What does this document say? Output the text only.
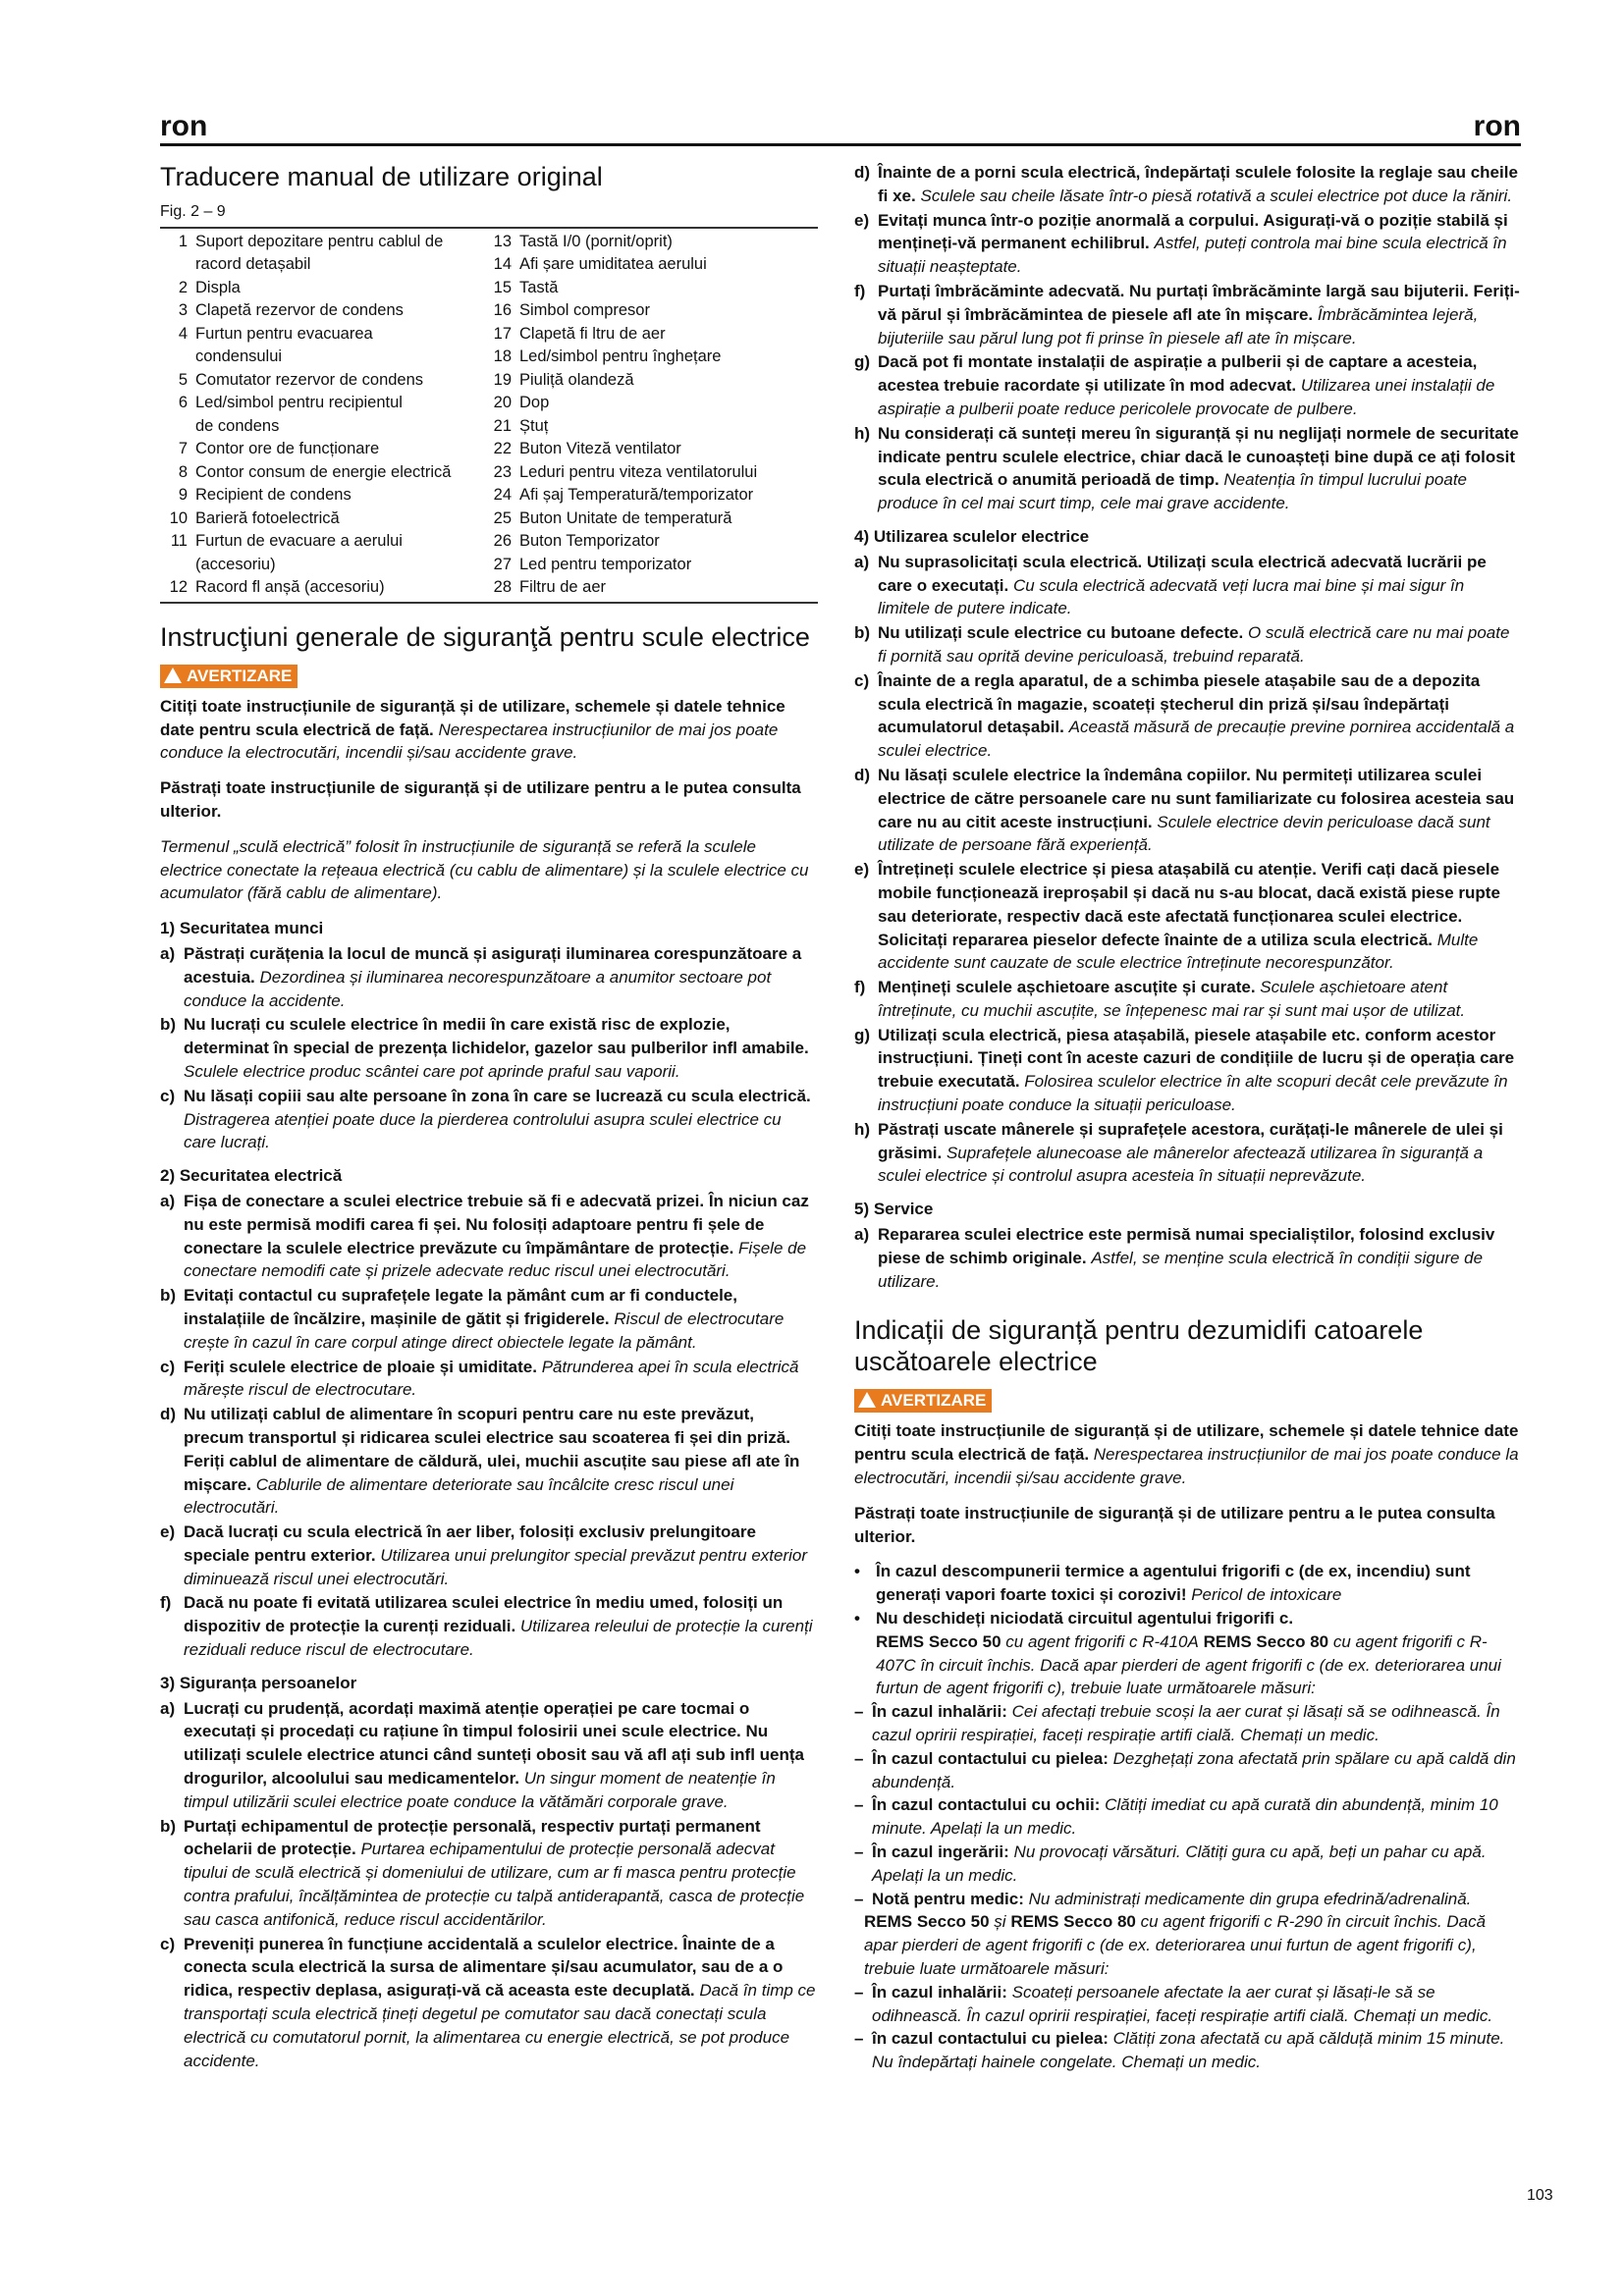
ron	ron
Traducere manual de utilizare original
Fig. 2 – 9
1 Suport depozitare pentru cablul de
racord detașabil
2 Displa
3 Clapetă rezervor de condens
4 Furtun pentru evacuarea
condensului
5 Comutator rezervor de condens
6 Led/simbol pentru recipientul
de condens
7 Contor ore de funcționare
8 Contor consum de energie electrică
9 Recipient de condens
10 Barieră fotoelectrică
11 Furtun de evacuare a aerului
(accesoriu)
12 Racord fl anșă (accesoriu)
13 Tastă I/0 (pornit/oprit)
14 Afi șare umiditatea aerului
15 Tastă
16 Simbol compresor
17 Clapetă fi ltru de aer
18 Led/simbol pentru înghețare
19 Piuliță olandeză
20 Dop
21 Ștuț
22 Buton Viteză ventilator
23 Leduri pentru viteza ventilatorului
24 Afi șaj Temperatură/temporizator
25 Buton Unitate de temperatură
26 Buton Temporizator
27 Led pentru temporizator
28 Filtru de aer
Instrucţiuni generale de siguranţă pentru scule electrice
AVERTIZARE

Citiți toate instrucțiunile de siguranță și de utilizare, schemele și datele tehnice date pentru scula electrică de față. Nerespectarea instrucțiunilor de mai jos poate conduce la electrocutări, incendii și/sau accidente grave.

Păstrați toate instrucțiunile de siguranță și de utilizare pentru a le putea consulta ulterior.

Termenul „sculă electrică” folosit în instrucțiunile de siguranță se referă la sculele electrice conectate la rețeaua electrică (cu cablu de alimentare) și la sculele electrice cu acumulator (fără cablu de alimentare).

1) Securitatea munci
a) Păstrați curățenia la locul de muncă și asigurați iluminarea corespunzătoare a acestuia. Dezordinea și iluminarea necorespunzătoare a anumitor sectoare pot conduce la accidente.
b) Nu lucrați cu sculele electrice în medii în care există risc de explozie, determinat în special de prezența lichidelor, gazelor sau pulberilor infl amabile. Sculele electrice produc scântei care pot aprinde praful sau vaporii.
c) Nu lăsați copiii sau alte persoane în zona în care se lucrează cu scula electrică. Distragerea atenției poate duce la pierderea controlului asupra sculei electrice cu care lucrați.
2) Securitatea electrică
a) Fișa de conectare a sculei electrice trebuie să fi e adecvată prizei. În niciun caz nu este permisă modifi carea fi șei. Nu folosiți adaptoare pentru fi șele de conectare la sculele electrice prevăzute cu împământare de protecție. Fișele de conectare nemodifi cate și prizele adecvate reduc riscul unei electrocutări.
b) Evitați contactul cu suprafețele legate la pământ cum ar fi conductele, instalațiile de încălzire, mașinile de gătit și frigiderele. Riscul de electrocutare crește în cazul în care corpul atinge direct obiectele legate la pământ.
c) Feriți sculele electrice de ploaie și umiditate. Pătrunderea apei în scula electrică mărește riscul de electrocutare.
d) Nu utilizați cablul de alimentare în scopuri pentru care nu este prevăzut, precum transportul și ridicarea sculei electrice sau scoaterea fi șei din priză. Feriți cablul de alimentare de căldură, ulei, muchii ascuțite sau piese afl ate în mișcare. Cablurile de alimentare deteriorate sau încâlcite cresc riscul unei electrocutări.
e) Dacă lucrați cu scula electrică în aer liber, folosiți exclusiv prelungitoare speciale pentru exterior. Utilizarea unui prelungitor special prevăzut pentru exterior diminuează riscul unei electrocutări.
f) Dacă nu poate fi evitată utilizarea sculei electrice în mediu umed, folosiți un dispozitiv de protecție la curenți reziduali. Utilizarea releului de protecție la curenți reziduali reduce riscul de electrocutare.
3) Siguranța persoanelor
a) Lucrați cu prudență, acordați maximă atenție operației pe care tocmai o executați și procedați cu rațiune în timpul folosirii unei scule electrice. Nu utilizați sculele electrice atunci când sunteți obosit sau vă afl ați sub infl uența drogurilor, alcoolului sau medicamentelor. Un singur moment de neatenție în timpul utilizării sculei electrice poate conduce la vătămări corporale grave.
b) Purtați echipamentul de protecție personală, respectiv purtați permanent ochelarii de protecție. Purtarea echipamentului de protecție personală adecvat tipului de sculă electrică și domeniului de utilizare, cum ar fi masca pentru protecție contra prafului, încălțămintea de protecție cu talpă antiderapantă, casca de protecție sau casca antifonică, reduce riscul accidentărilor.
c) Preveniți punerea în funcțiune accidentală a sculelor electrice. Înainte de a conecta scula electrică la sursa de alimentare și/sau acumulator, sau de a o ridica, respectiv deplasa, asigurați-vă că aceasta este decuplată. Dacă în timp ce transportați scula electrică țineți degetul pe comutator sau dacă conectați scula electrică cu comutatorul pornit, la alimentarea cu energie electrică, se pot produce accidente.
d) Înainte de a porni scula electrică, îndepărtați sculele folosite la reglaje sau cheile fi xe. Sculele sau cheile lăsate într-o piesă rotativă a sculei electrice pot duce la răniri.
e) Evitați munca într-o poziție anormală a corpului. Asigurați-vă o poziție stabilă și mențineți-vă permanent echilibrul. Astfel, puteți controla mai bine scula electrică în situații neașteptate.
f) Purtați îmbrăcăminte adecvată. Nu purtați îmbrăcăminte largă sau bijuterii. Feriți-vă părul și îmbrăcămintea de piesele afl ate în mișcare. Îmbrăcămintea lejeră, bijuteriile sau părul lung pot fi prinse în piesele afl ate în mișcare.
g) Dacă pot fi montate instalații de aspirație a pulberii și de captare a acesteia, acestea trebuie racordate și utilizate în mod adecvat. Utilizarea unei instalații de aspirație a pulberii poate reduce pericolele provocate de pulbere.
h) Nu considerați că sunteți mereu în siguranță și nu neglijați normele de securitate indicate pentru sculele electrice, chiar dacă le cunoașteți bine după ce ați folosit scula electrică o anumită perioadă de timp. Neatenția în timpul lucrului poate produce în cel mai scurt timp, cele mai grave accidente.
4) Utilizarea sculelor electrice
a) Nu suprasolicitați scula electrică. Utilizați scula electrică adecvată lucrării pe care o executați. Cu scula electrică adecvată veți lucra mai bine și mai sigur în limitele de putere indicate.
b) Nu utilizați scule electrice cu butoane defecte. O sculă electrică care nu mai poate fi pornită sau oprită devine periculoasă, trebuind reparată.
c) Înainte de a regla aparatul, de a schimba piesele atașabile sau de a depozita scula electrică în magazie, scoateți ștecherul din priză și/sau îndepărtați acumulatorul detașabil. Această măsură de precauție previne pornirea accidentală a sculei electrice.
d) Nu lăsați sculele electrice la îndemâna copiilor. Nu permiteți utilizarea sculei electrice de către persoanele care nu sunt familiarizate cu folosirea acesteia sau care nu au citit aceste instrucțiuni. Sculele electrice devin periculoase dacă sunt utilizate de persoane fără experiență.
e) Întrețineți sculele electrice și piesa atașabilă cu atenție. Verifi cați dacă piesele mobile funcționează ireproșabil și dacă nu s-au blocat, dacă există piese rupte sau deteriorate, respectiv dacă este afectată funcționarea sculei electrice. Solicitați repararea pieselor defecte înainte de a utiliza scula electrică. Multe accidente sunt cauzate de scule electrice întreținute necorespunzător.
f) Mențineți sculele așchietoare ascuțite și curate. Sculele așchietoare atent întreținute, cu muchii ascuțite, se înțepenesc mai rar și sunt mai ușor de utilizat.
g) Utilizați scula electrică, piesa atașabilă, piesele atașabile etc. conform acestor instrucțiuni. Țineți cont în aceste cazuri de condițiile de lucru și de operația care trebuie executată. Folosirea sculelor electrice în alte scopuri decât cele prevăzute în instrucțiuni poate conduce la situații periculoase.
h) Păstrați uscate mânerele și suprafețele acestora, curățați-le mânerele de ulei și grăsimi. Suprafețele alunecoase ale mânerelor afectează utilizarea în siguranță a sculei electrice și controlul asupra acesteia în situații neprevăzute.
5) Service
a) Repararea sculei electrice este permisă numai specialiștilor, folosind exclusiv piese de schimb originale. Astfel, se menține scula electrică în condiții sigure de utilizare.
Indicații de siguranță pentru dezumidifi catoarele
uscătoarele electrice
AVERTIZARE

Citiți toate instrucțiunile de siguranță și de utilizare, schemele și datele tehnice date pentru scula electrică de față. Nerespectarea instrucțiunilor de mai jos poate conduce la electrocutări, incendii și/sau accidente grave.

Păstrați toate instrucțiunile de siguranță și de utilizare pentru a le putea consulta ulterior.

• În cazul descompunerii termice a agentului frigorifi c (de ex, incendiu) sunt generați vapori foarte toxici și corozivi! Pericol de intoxicare
• Nu deschideți niciodată circuitul agentului frigorifi c.
REMS Secco 50 cu agent frigorifi c R-410A REMS Secco 80 cu agent frigorifi c R-407C în circuit închis. Dacă apar pierderi de agent frigorifi c (de ex. deteriorarea unui furtun de agent frigorifi c), trebuie luate următoarele măsuri:
– În cazul inhalării: Cei afectați trebuie scoși la aer curat și lăsați să se odihnească. În cazul opririi respirației, faceți respirație artifi cială. Chemați un medic.
– În cazul contactului cu pielea: Dezghețați zona afectată prin spălare cu apă caldă din abundență.
– În cazul contactului cu ochii: Clătiți imediat cu apă curată din abundență, minim 10 minute. Apelați la un medic.
– În cazul ingerării: Nu provocați vărsături. Clătiți gura cu apă, beți un pahar cu apă. Apelați la un medic.
– Notă pentru medic: Nu administrați medicamente din grupa efedrină/adrenalină.
REMS Secco 50 și REMS Secco 80 cu agent frigorifi c R-290 în circuit închis. Dacă apar pierderi de agent frigorifi c (de ex. deteriorarea unui furtun de agent frigorifi c), trebuie luate următoarele măsuri:
– În cazul inhalării: Scoateți persoanele afectate la aer curat și lăsați-le să se odihnească. În cazul opririi respirației, faceți respirație artifi cială. Chemați un medic.
– în cazul contactului cu pielea: Clătiți zona afectată cu apă călduță minim 15 minute. Nu îndepărtați hainele congelate. Chemați un medic.
103
